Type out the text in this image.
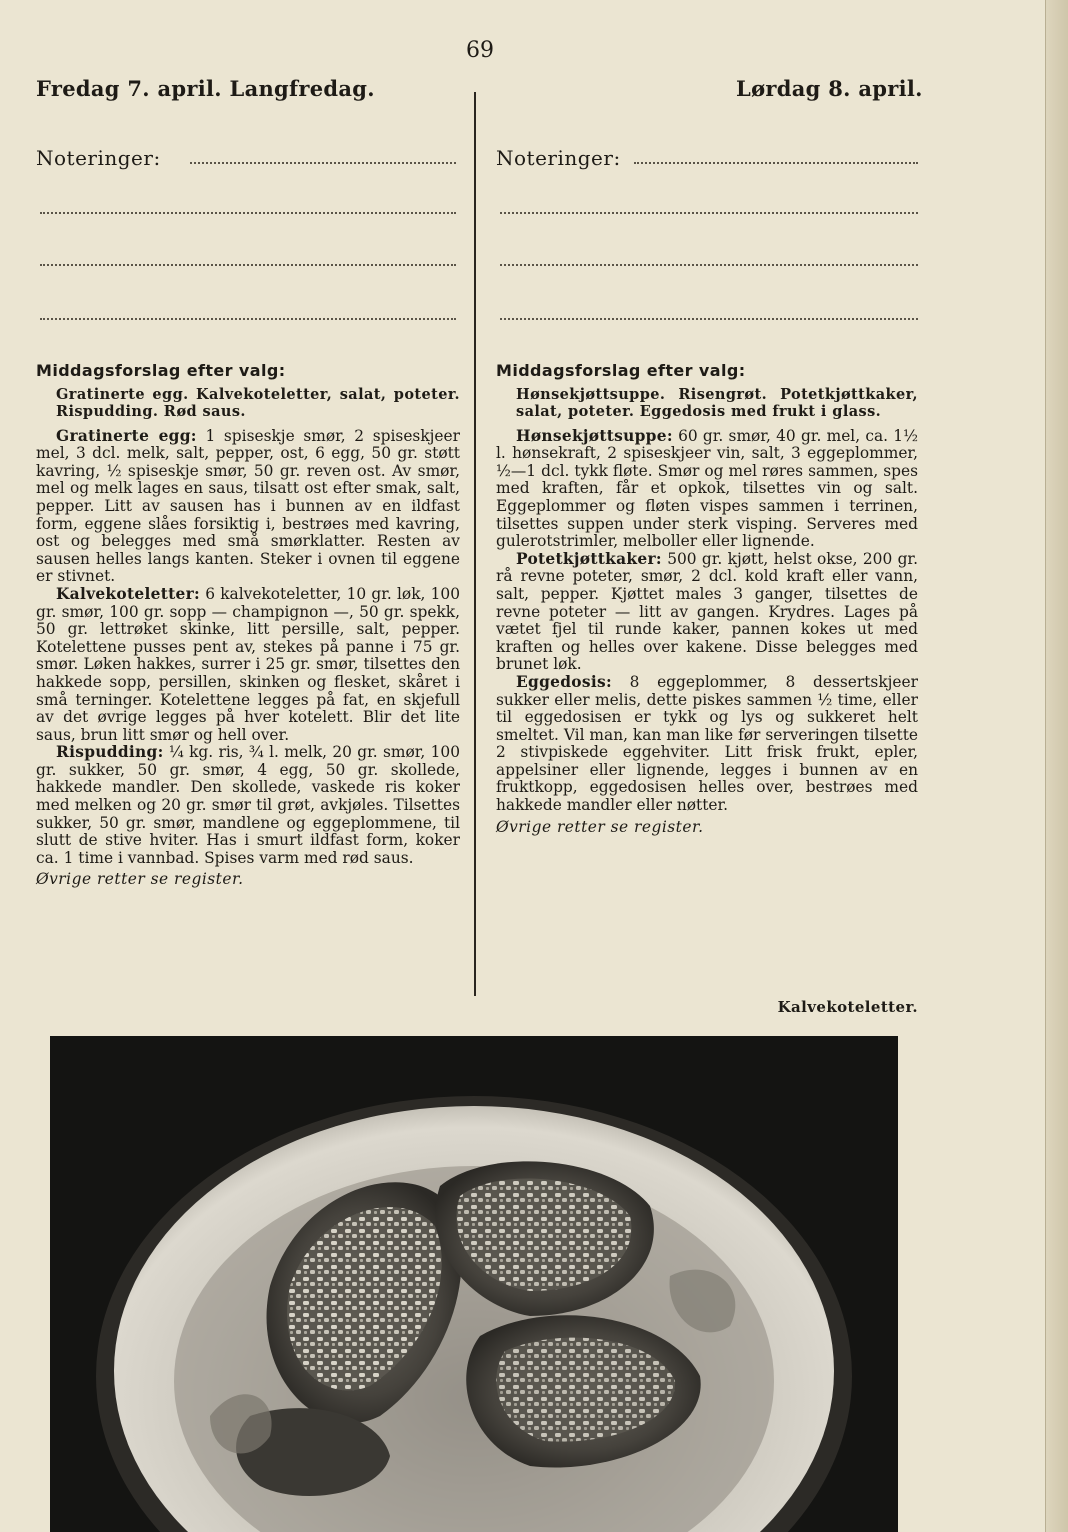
69
Fredag 7. april. Langfredag.	Lørdag 8. april.
Noteringer:	Noteringer:
Middagsforslag efter valg:

Gratinerte egg. Kalvekoteletter, salat, poteter. Rispudding. Rød saus.

Gratinerte egg: 1 spiseskje smør, 2 spiseskjeer mel, 3 dcl. melk, salt, pepper, ost, 6 egg, 50 gr. støtt kavring, ½ spiseskje smør, 50 gr. reven ost. Av smør, mel og melk lages en saus, tilsatt ost efter smak, salt, pepper. Litt av sausen has i bunnen av en ildfast form, eggene slåes forsiktig i, bestrøes med kavring, ost og belegges med små smørklatter. Resten av sausen helles langs kanten. Steker i ovnen til eggene er stivnet.

Kalvekoteletter: 6 kalvekoteletter, 10 gr. løk, 100 gr. smør, 100 gr. sopp — champignon —, 50 gr. spekk, 50 gr. lettrøket skinke, litt persille, salt, pepper. Kotelettene pusses pent av, stekes på panne i 75 gr. smør. Løken hakkes, surrer i 25 gr. smør, tilsettes den hakkede sopp, persillen, skinken og flesket, skåret i små terninger. Kotelettene legges på fat, en skjefull av det øvrige legges på hver kotelett. Blir det lite saus, brun litt smør og hell over.

Rispudding: ¼ kg. ris, ¾ l. melk, 20 gr. smør, 100 gr. sukker, 50 gr. smør, 4 egg, 50 gr. skollede, hakkede mandler. Den skollede, vaskede ris koker med melken og 20 gr. smør til grøt, avkjøles. Tilsettes sukker, 50 gr. smør, mandlene og eggeplommene, til slutt de stive hviter. Has i smurt ildfast form, koker ca. 1 time i vannbad. Spises varm med rød saus.

Øvrige retter se register.

Middagsforslag efter valg:

Hønsekjøttsuppe. Risengrøt. Potetkjøttkaker, salat, poteter. Eggedosis med frukt i glass.

Hønsekjøttsuppe: 60 gr. smør, 40 gr. mel, ca. 1½ l. hønsekraft, 2 spiseskjeer vin, salt, 3 eggeplommer, ½—1 dcl. tykk fløte. Smør og mel røres sammen, spes med kraften, får et opkok, tilsettes vin og salt. Eggeplommer og fløten vispes sammen i terrinen, tilsettes suppen under sterk visping. Serveres med gulerotstrimler, melboller eller lignende.

Potetkjøttkaker: 500 gr. kjøtt, helst okse, 200 gr. rå revne poteter, smør, 2 dcl. kold kraft eller vann, salt, pepper. Kjøttet males 3 ganger, tilsettes de revne poteter — litt av gangen. Krydres. Lages på vætet fjel til runde kaker, pannen kokes ut med kraften og helles over kakene. Disse belegges med brunet løk.

Eggedosis: 8 eggeplommer, 8 dessertskjeer sukker eller melis, dette piskes sammen ½ time, eller til eggedosisen er tykk og lys og sukkeret helt smeltet. Vil man, kan man like før serveringen tilsette 2 stivpiskede eggehviter. Litt frisk frukt, epler, appelsiner eller lignende, legges i bunnen av en fruktkopp, eggedosisen helles over, bestrøes med hakkede mandler eller nøtter.

Øvrige retter se register.

Kalvekoteletter.
